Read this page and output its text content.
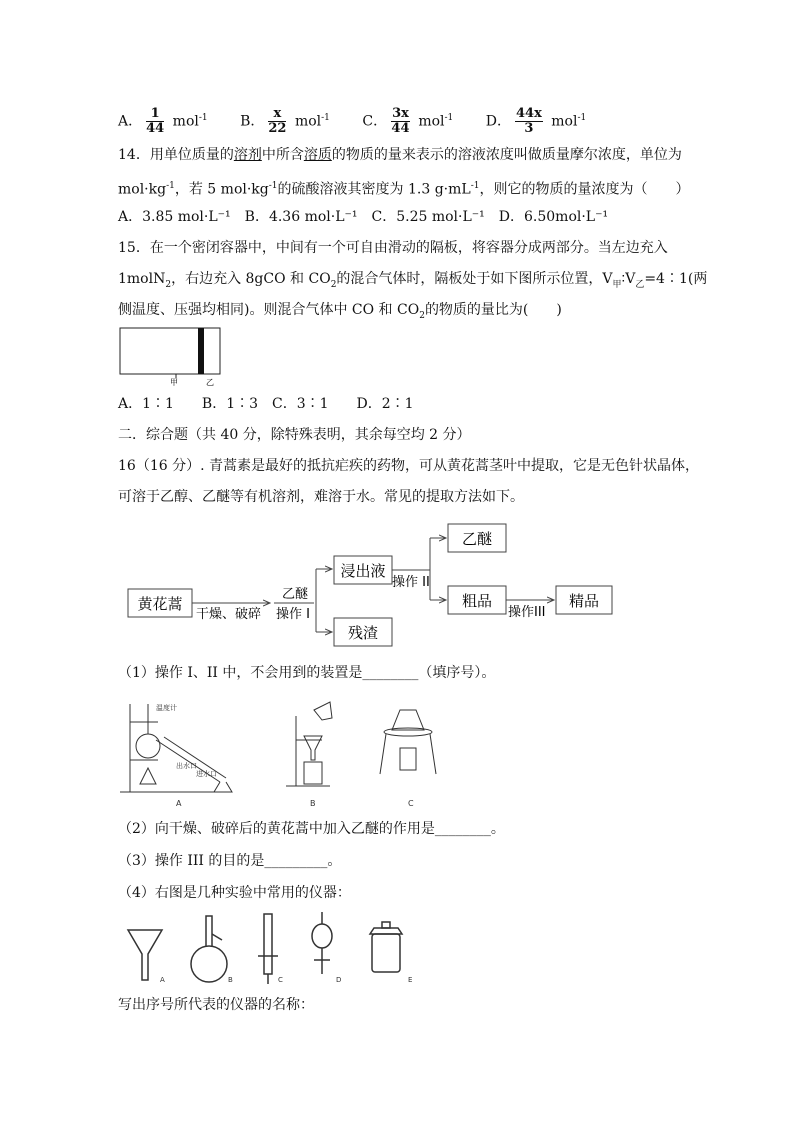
A． $\frac{1}{44} mol^{-1}$ B． $\frac{x}{22} mol^{-1}$ C． $\frac{3x}{44} mol^{-1}$ D． $\frac{44x}{3} mol^{-1}$
14．用单位质量的溶剂中所含溶质的物质的量来表示的溶液浓度叫做质量摩尔浓度，单位为
$mol\cdot kg^{-1}$，若 5 $mol\cdot kg^{-1}$的硫酸溶液其密度为 1.3 $g\cdot mL^{-1}$，则它的物质的量浓度为（　　）
A．3.85 mol·L⁻¹　B．4.36 mol·L⁻¹　C．5.25 mol·L⁻¹　D．6.50mol·L⁻¹
15．在一个密闭容器中，中间有一个可自由滑动的隔板，将容器分成两部分。当左边充入
1molN$_2$，右边充入 8gCO 和 $CO_2$的混合气体时，隔板处于如下图所示位置，$V_甲∶V_乙=4∶1$(两
侧温度、压强均相同)。则混合气体中 CO 和 $CO_2$的物质的量比为(　　)
甲	乙
A．1∶1　　B．1∶3　C．3∶1　　D．2∶1
二．综合题（共 40 分，除特殊表明，其余每空均 2 分）
16（16 分）. 青蒿素是最好的抵抗疟疾的药物，可从黄花蒿茎叶中提取，它是无色针状晶体，
可溶于乙醇、乙醚等有机溶剂，难溶于水。常见的提取方法如下。
黄花蒿
干燥、破碎
乙醚
操作 I
浸出液
残渣
操作 II
乙醚
粗品
操作III
精品
（1）操作 I、II 中，不会用到的装置是________（填序号）。
温度计
出水口
进水口
A	B	C
（2）向干燥、破碎后的黄花蒿中加入乙醚的作用是________。
（3）操作 III 的目的是_________。
（4）右图是几种实验中常用的仪器：
A	B	C	D	E
写出序号所代表的仪器的名称：
